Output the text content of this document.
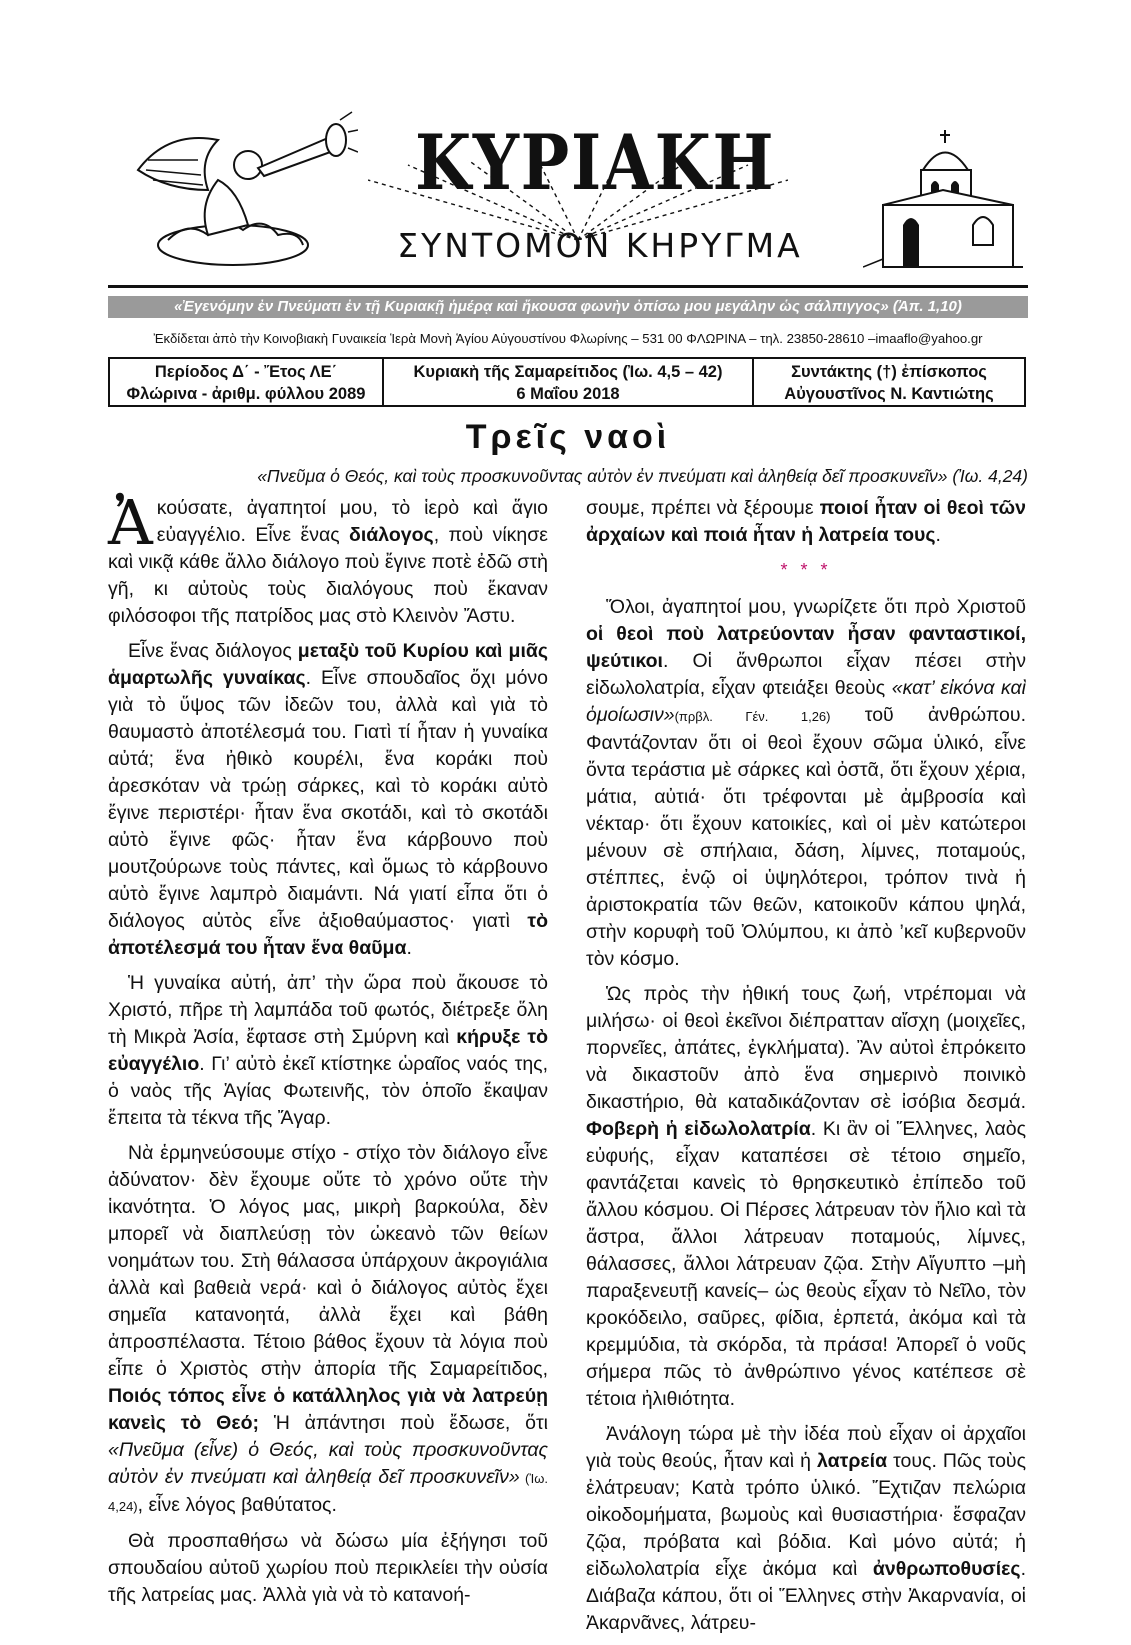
ΚΥΡΙΑΚΗ
ΣΥΝΤΟΜΟΝ ΚΗΡΥΓΜΑ
«Ἐγενόμην ἐν Πνεύματι ἐν τῇ Κυριακῇ ἡμέρᾳ καὶ ἤκουσα φωνὴν ὀπίσω μου μεγάλην ὡς σάλπιγγος» (Ἀπ. 1,10)
Ἐκδίδεται ἀπὸ τὴν Κοινοβιακὴ Γυναικεία Ἱερὰ Μονὴ Ἁγίου Αὐγουστίνου Φλωρίνης – 531 00 ΦΛΩΡΙΝΑ – τηλ. 23850-28610 –imaaflo@yahoo.gr
Περίοδος Δ΄ - Ἔτος ΛΕ΄
Φλώρινα - ἀριθμ. φύλλου 2089
Κυριακὴ τῆς Σαμαρείτιδος (Ἰω. 4,5 – 42)
6 Μαΐου 2018
Συντάκτης (†) ἐπίσκοπος
Αὐγουστῖνος Ν. Καντιώτης
Τρεῖς ναοὶ
«Πνεῦμα ὁ Θεός, καὶ τοὺς προσκυνοῦντας αὐτὸν ἐν πνεύματι καὶ ἀληθείᾳ δεῖ προσκυνεῖν» (Ἰω. 4,24)

Ἀκούσατε, ἀγαπητοί μου, τὸ ἱερὸ καὶ ἅγιο εὐαγγέλιο. Εἶνε ἕνας διάλογος, ποὺ νίκησε καὶ νικᾷ κάθε ἄλλο διάλογο ποὺ ἔγινε ποτὲ ἐδῶ στὴ γῆ, κι αὐτοὺς τοὺς διαλόγους ποὺ ἔκαναν φιλόσοφοι τῆς πατρίδος μας στὸ Κλεινὸν Ἄστυ.

Εἶνε ἕνας διάλογος μεταξὺ τοῦ Κυρίου καὶ μιᾶς ἁμαρτωλῆς γυναίκας. Εἶνε σπουδαῖος ὄχι μόνο γιὰ τὸ ὕψος τῶν ἰδεῶν του, ἀλλὰ καὶ γιὰ τὸ θαυμαστὸ ἀποτέλεσμά του. Γιατὶ τί ἦταν ἡ γυναίκα αὐτά; ἕνα ἠθικὸ κουρέλι, ἕνα κοράκι ποὺ ἀρεσκόταν νὰ τρώῃ σάρκες, καὶ τὸ κοράκι αὐτὸ ἔγινε περιστέρι· ἦταν ἕνα σκοτάδι, καὶ τὸ σκοτάδι αὐτὸ ἔγινε φῶς· ἦταν ἕνα κάρβουνο ποὺ μουτζούρωνε τοὺς πάντες, καὶ ὅμως τὸ κάρβουνο αὐτὸ ἔγινε λαμπρὸ διαμάντι. Νά γιατί εἶπα ὅτι ὁ διάλογος αὐτὸς εἶνε ἀξιοθαύμαστος· γιατὶ τὸ ἀποτέλεσμά του ἦταν ἕνα θαῦμα.

Ἡ γυναίκα αὐτή, ἀπ’ τὴν ὥρα ποὺ ἄκουσε τὸ Χριστό, πῆρε τὴ λαμπάδα τοῦ φωτός, διέτρεξε ὅλη τὴ Μικρὰ Ἀσία, ἔφτασε στὴ Σμύρνη καὶ κήρυξε τὸ εὐαγγέλιο. Γι’ αὐτὸ ἐκεῖ κτίστηκε ὡραῖος ναός της, ὁ ναὸς τῆς Ἁγίας Φωτεινῆς, τὸν ὁποῖο ἔκαψαν ἔπειτα τὰ τέκνα τῆς Ἄγαρ.

Νὰ ἑρμηνεύσουμε στίχο - στίχο τὸν διάλογο εἶνε ἀδύνατον· δὲν ἔχουμε οὔτε τὸ χρόνο οὔτε τὴν ἱκανότητα. Ὁ λόγος μας, μικρὴ βαρκούλα, δὲν μπορεῖ νὰ διαπλεύσῃ τὸν ὠκεανὸ τῶν θείων νοημάτων του. Στὴ θάλασσα ὑπάρχουν ἀκρογιάλια ἀλλὰ καὶ βαθειὰ νερά· καὶ ὁ διάλογος αὐτὸς ἔχει σημεῖα κατανοητά, ἀλλὰ ἔχει καὶ βάθη ἀπροσπέλαστα. Τέτοιο βάθος ἔχουν τὰ λόγια ποὺ εἶπε ὁ Χριστὸς στὴν ἀπορία τῆς Σαμαρείτιδος, Ποιός τόπος εἶνε ὁ κατάλληλος γιὰ νὰ λατρεύῃ κανεὶς τὸ Θεό; Ἡ ἀπάντησι ποὺ ἔδωσε, ὅτι «Πνεῦμα (εἶνε) ὁ Θεός, καὶ τοὺς προσκυνοῦντας αὐτὸν ἐν πνεύματι καὶ ἀληθείᾳ δεῖ προσκυνεῖν» (Ἰω. 4,24), εἶνε λόγος βαθύτατος.

Θὰ προσπαθήσω νὰ δώσω μία ἐξήγησι τοῦ σπουδαίου αὐτοῦ χωρίου ποὺ περικλείει τὴν οὐσία τῆς λατρείας μας. Ἀλλὰ γιὰ νὰ τὸ κατανοή-

σουμε, πρέπει νὰ ξέρουμε ποιοί ἦταν οἱ θεοὶ τῶν ἀρχαίων καὶ ποιά ἦταν ἡ λατρεία τους.

* * *

Ὅλοι, ἀγαπητοί μου, γνωρίζετε ὅτι πρὸ Χριστοῦ οἱ θεοὶ ποὺ λατρεύονταν ἦσαν φανταστικοί, ψεύτικοι. Οἱ ἄνθρωποι εἶχαν πέσει στὴν εἰδωλολατρία, εἶχαν φτειάξει θεοὺς «κατ’ εἰκόνα καὶ ὁμοίωσιν»(πρβλ. Γέν. 1,26) τοῦ ἀνθρώπου. Φαντάζονταν ὅτι οἱ θεοὶ ἔχουν σῶμα ὑλικό, εἶνε ὄντα τεράστια μὲ σάρκες καὶ ὀστᾶ, ὅτι ἔχουν χέρια, μάτια, αὐτιά· ὅτι τρέφονται μὲ ἀμβροσία καὶ νέκταρ· ὅτι ἔχουν κατοικίες, καὶ οἱ μὲν κατώτεροι μένουν σὲ σπήλαια, δάση, λίμνες, ποταμούς, στέππες, ἐνῷ οἱ ὑψηλότεροι, τρόπον τινὰ ἡ ἀριστοκρατία τῶν θεῶν, κατοικοῦν κάπου ψηλά, στὴν κορυφὴ τοῦ Ὀλύμπου, κι ἀπὸ ’κεῖ κυβερνοῦν τὸν κόσμο.

Ὡς πρὸς τὴν ἠθική τους ζωή, ντρέπομαι νὰ μιλήσω· οἱ θεοὶ ἐκεῖνοι διέπρατταν αἴσχη (μοιχεῖες, πορνεῖες, ἀπάτες, ἐγκλήματα). Ἂν αὐτοὶ ἐπρόκειτο νὰ δικαστοῦν ἀπὸ ἕνα σημερινὸ ποινικὸ δικαστήριο, θὰ καταδικάζονταν σὲ ἰσόβια δεσμά. Φοβερὴ ἡ εἰδωλολατρία. Κι ἂν οἱ Ἕλληνες, λαὸς εὐφυής, εἶχαν καταπέσει σὲ τέτοιο σημεῖο, φαντάζεται κανεὶς τὸ θρησκευτικὸ ἐπίπεδο τοῦ ἄλλου κόσμου. Οἱ Πέρσες λάτρευαν τὸν ἥλιο καὶ τὰ ἄστρα, ἄλλοι λάτρευαν ποταμούς, λίμνες, θάλασσες, ἄλλοι λάτρευαν ζῷα. Στὴν Αἴγυπτο –μὴ παραξενευτῇ κανείς– ὡς θεοὺς εἶχαν τὸ Νεῖλο, τὸν κροκόδειλο, σαῦρες, φίδια, ἑρπετά, ἀκόμα καὶ τὰ κρεμμύδια, τὰ σκόρδα, τὰ πράσα! Ἀπορεῖ ὁ νοῦς σήμερα πῶς τὸ ἀνθρώπινο γένος κατέπεσε σὲ τέτοια ἠλιθιότητα.

Ἀνάλογη τώρα μὲ τὴν ἰδέα ποὺ εἶχαν οἱ ἀρχαῖοι γιὰ τοὺς θεούς, ἦταν καὶ ἡ λατρεία τους. Πῶς τοὺς ἐλάτρευαν; Κατὰ τρόπο ὑλικό. Ἔχτιζαν πελώρια οἰκοδομήματα, βωμοὺς καὶ θυσιαστήρια· ἔσφαζαν ζῷα, πρόβατα καὶ βόδια. Καὶ μόνο αὐτά; ἡ εἰδωλολατρία εἶχε ἀκόμα καὶ ἀνθρωποθυσίες. Διάβαζα κάπου, ὅτι οἱ Ἕλληνες στὴν Ἀκαρνανία, οἱ Ἀκαρνᾶνες, λάτρευ-
